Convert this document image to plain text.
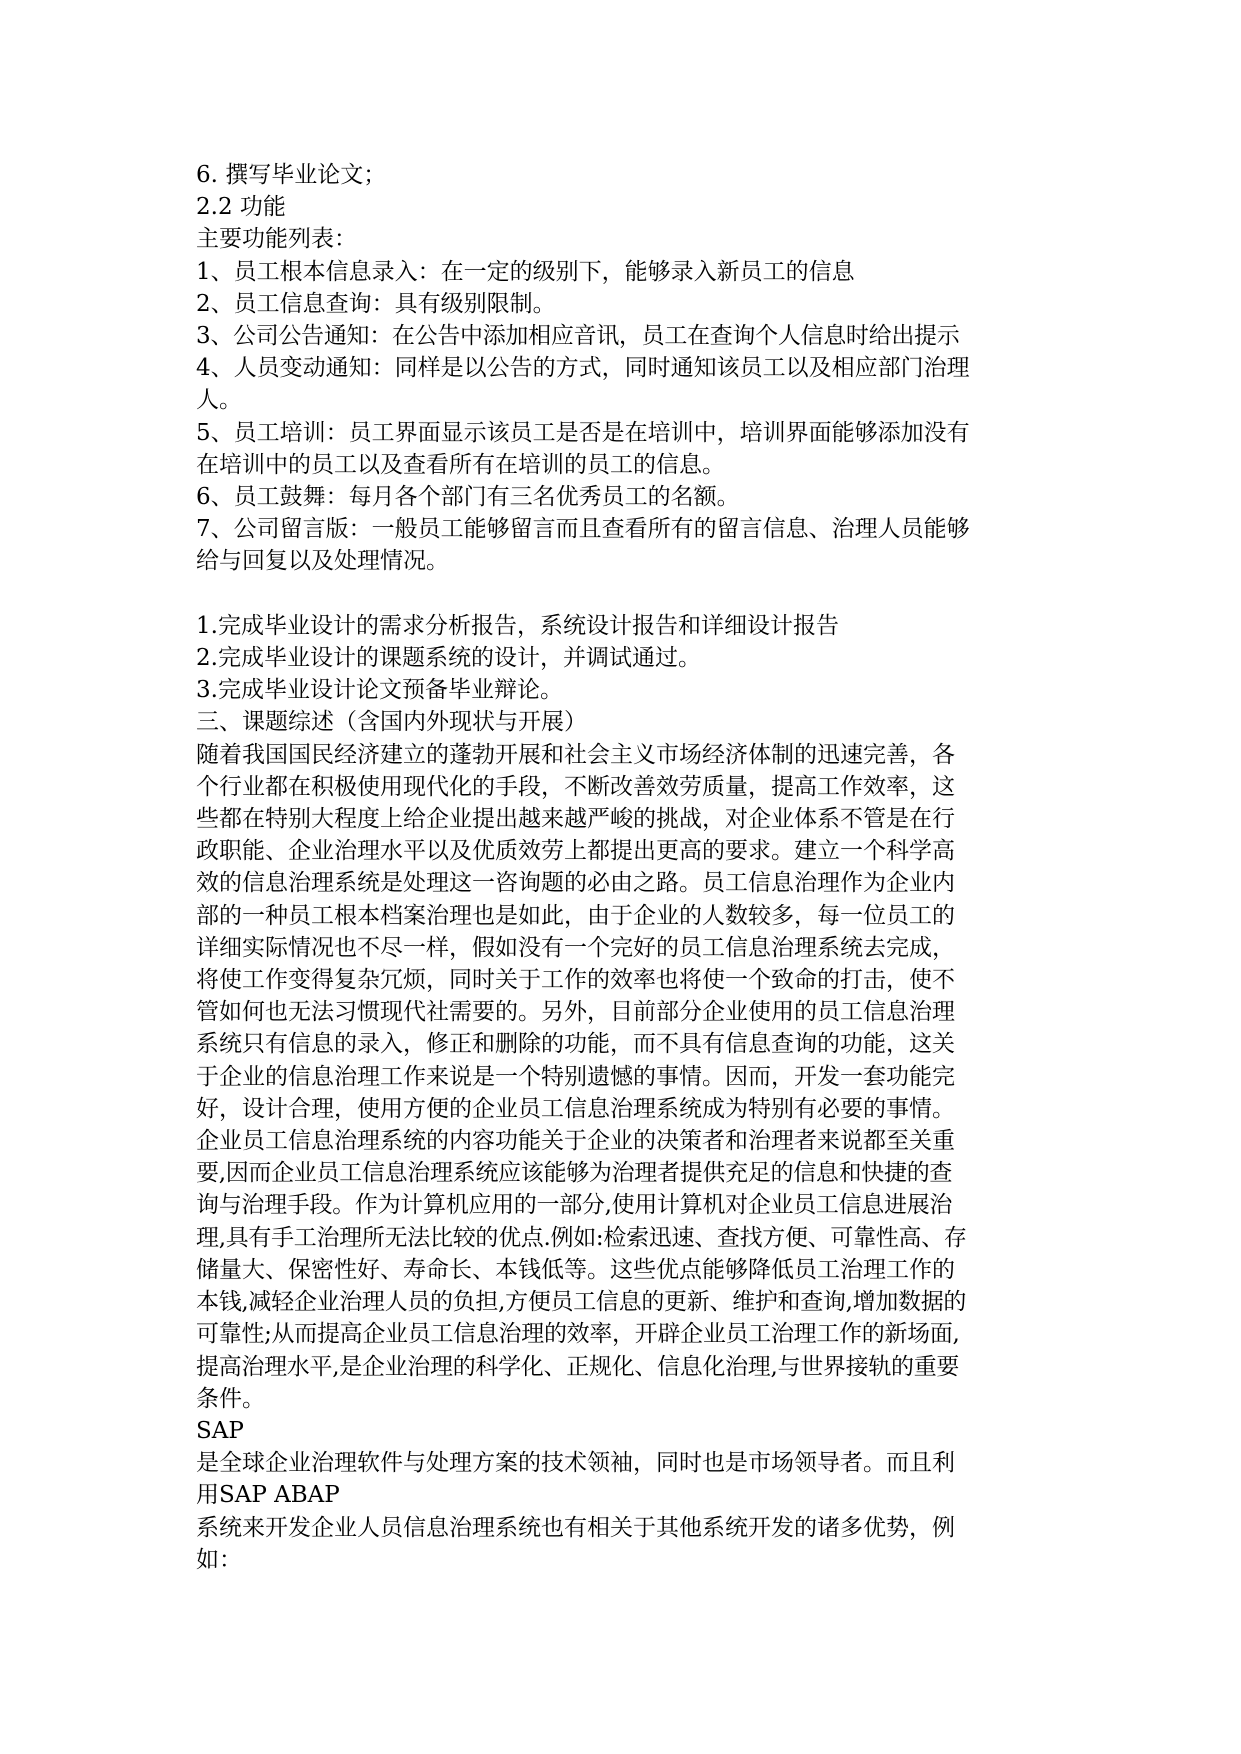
6. 撰写毕业论文；
2.2 功能
主要功能列表：
1、员工根本信息录入：在一定的级别下，能够录入新员工的信息
2、员工信息查询：具有级别限制。
3、公司公告通知：在公告中添加相应音讯，员工在查询个人信息时给出提示
4、人员变动通知：同样是以公告的方式，同时通知该员工以及相应部门治理
人。
5、员工培训：员工界面显示该员工是否是在培训中，培训界面能够添加没有
在培训中的员工以及查看所有在培训的员工的信息。
6、员工鼓舞：每月各个部门有三名优秀员工的名额。
7、公司留言版：一般员工能够留言而且查看所有的留言信息、治理人员能够
给与回复以及处理情况。
1.完成毕业设计的需求分析报告，系统设计报告和详细设计报告
2.完成毕业设计的课题系统的设计，并调试通过。
3.完成毕业设计论文预备毕业辩论。
三、课题综述（含国内外现状与开展）
随着我国国民经济建立的蓬勃开展和社会主义市场经济体制的迅速完善，各
个行业都在积极使用现代化的手段，不断改善效劳质量，提高工作效率，这
些都在特别大程度上给企业提出越来越严峻的挑战，对企业体系不管是在行
政职能、企业治理水平以及优质效劳上都提出更高的要求。建立一个科学高
效的信息治理系统是处理这一咨询题的必由之路。员工信息治理作为企业内
部的一种员工根本档案治理也是如此，由于企业的人数较多，每一位员工的
详细实际情况也不尽一样，假如没有一个完好的员工信息治理系统去完成，
将使工作变得复杂冗烦，同时关于工作的效率也将使一个致命的打击，使不
管如何也无法习惯现代社需要的。另外，目前部分企业使用的员工信息治理
系统只有信息的录入，修正和删除的功能，而不具有信息查询的功能，这关
于企业的信息治理工作来说是一个特别遗憾的事情。因而，开发一套功能完
好，设计合理，使用方便的企业员工信息治理系统成为特别有必要的事情。
企业员工信息治理系统的内容功能关于企业的决策者和治理者来说都至关重
要,因而企业员工信息治理系统应该能够为治理者提供充足的信息和快捷的查
询与治理手段。作为计算机应用的一部分,使用计算机对企业员工信息进展治
理,具有手工治理所无法比较的优点.例如:检索迅速、查找方便、可靠性高、存
储量大、保密性好、寿命长、本钱低等。这些优点能够降低员工治理工作的
本钱,减轻企业治理人员的负担,方便员工信息的更新、维护和查询,增加数据的
可靠性;从而提高企业员工信息治理的效率，开辟企业员工治理工作的新场面,
提高治理水平,是企业治理的科学化、正规化、信息化治理,与世界接轨的重要
条件。
SAP
是全球企业治理软件与处理方案的技术领袖，同时也是市场领导者。而且利
用SAP ABAP
系统来开发企业人员信息治理系统也有相关于其他系统开发的诸多优势，例
如：
